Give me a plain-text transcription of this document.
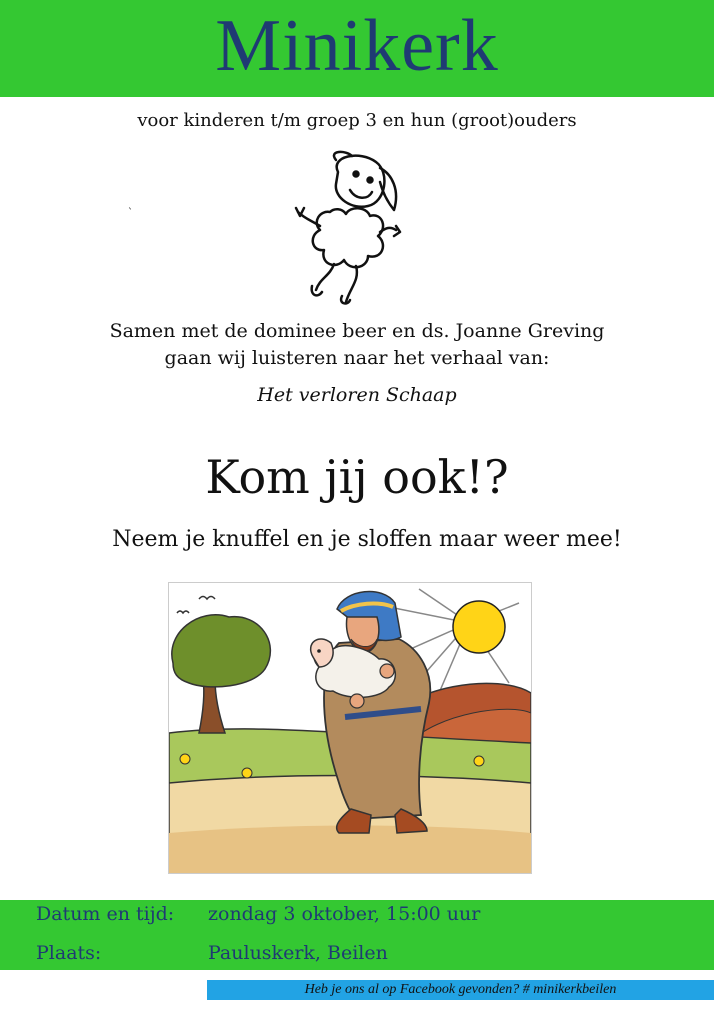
Minikerk
voor kinderen t/m groep 3 en hun (groot)ouders
`
Samen met de dominee beer en ds. Joanne Greving
gaan wij luisteren naar het verhaal van:
Het verloren Schaap
Kom jij ook!?
Neem je knuffel en je sloffen maar weer mee!
Datum en tijd: zondag 3 oktober, 15:00 uur
Plaats:	Pauluskerk, Beilen
Heb je ons al op Facebook gevonden? # minikerkbeilen
